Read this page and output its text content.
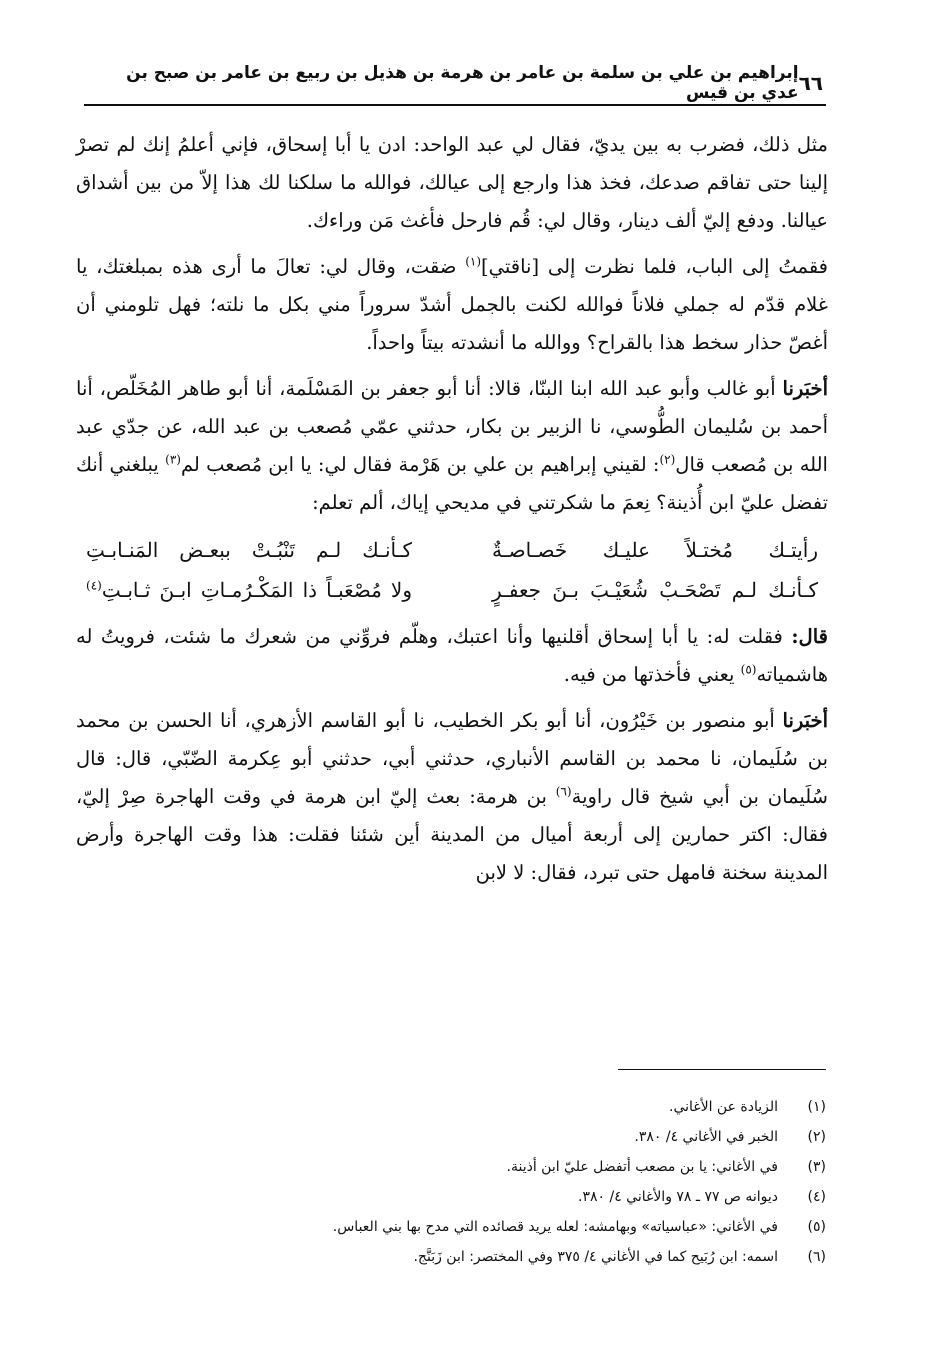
٦٦
إبراهيم بن علي بن سلمة بن عامر بن هرمة بن هذيل بن ربيع بن عامر بن صبح بن عدي بن قيس

مثل ذلك، فضرب به بين يديّ، فقال لي عبد الواحد: ادن يا أبا إسحاق، فإني أعلمُ إنك لم تصرْ إلينا حتى تفاقم صدعك، فخذ هذا وارجع إلى عيالك، فوالله ما سلكنا لك هذا إلاّ من بين أشداق عيالنا. ودفع إليّ ألف دينار، وقال لي: قُم فارحل فأغث مَن وراءك.

فقمتُ إلى الباب، فلما نظرت إلى [ناقتي]$^{(١)}$ ضقت، وقال لي: تعالَ ما أرى هذه بمبلغتك، يا غلام قدّم له جملي فلاناً فوالله لكنت بالجمل أشدّ سروراً مني بكل ما نلته؛ فهل تلومني أن أغصّ حذار سخط هذا بالقراح؟ ووالله ما أنشدته بيتاً واحداً.

أخبَرنا أبو غالب وأبو عبد الله ابنا البنّا، قالا: أنا أبو جعفر بن المَسْلَمة، أنا أبو طاهر المُخَلّص، أنا أحمد بن سُليمان الطُّوسي، نا الزبير بن بكار، حدثني عمّي مُصعب بن عبد الله، عن جدّي عبد الله بن مُصعب قال$^{(٢)}$: لقيني إبراهيم بن علي بن هَرْمة فقال لي: يا ابن مُصعب لم$^{(٣)}$ يبلغني أنك تفضل عليّ ابن أُذينة؟ نِعمَ ما شكرتني في مديحي إياك، ألم تعلم:

رأيتـك مُختـلاً عليـك خَصـاصـةٌ
كـأنـك لـم تَنْبُـتْ ببعـض المَنـابـتِ
كـأنـك لـم تَصْحَـبْ شُعَيْـبَ بـنَ جعفـرٍ
ولا مُصْعَبـاً ذا المَكْـرُمـاتِ ابـنَ ثـابـتِ$^{(٤)}$

قال: فقلت له: يا أبا إسحاق أقلنيها وأنا اعتبك، وهلّم فروِّني من شعرك ما شئت، فرويتُ له هاشمياته$^{(٥)}$ يعني فأخذتها من فيه.

أخبَرنا أبو منصور بن خَيْرُون، أنا أبو بكر الخطيب، نا أبو القاسم الأزهري، أنا الحسن بن محمد بن سُلَيمان، نا محمد بن القاسم الأنباري، حدثني أبي، حدثني أبو عِكرمة الضّبّي، قال: قال سُلَيمان بن أبي شيخ قال راوية$^{(٦)}$ بن هرمة: بعث إليّ ابن هرمة في وقت الهاجرة صِرْ إليّ، فقال: اكتر حمارين إلى أربعة أميال من المدينة أين شئنا فقلت: هذا وقت الهاجرة وأرض المدينة سخنة فامهل حتى تبرد، فقال: لا لابن

(١)
الزيادة عن الأغاني.
(٢)
الخبر في الأغاني ٤/ ٣٨٠.
(٣)
في الأغاني: يا بن مصعب أتفضل عليّ ابن أذينة.
(٤)
ديوانه ص ٧٧ ـ ٧٨ والأغاني ٤/ ٣٨٠.
(٥)
في الأغاني: «عباسياته» وبهامشه: لعله يريد قصائده التي مدح بها بني العباس.
(٦)
اسمه: ابن رُبَيح كما في الأغاني ٤/ ٣٧٥ وفي المختصر: ابن زَبَنَّج.
